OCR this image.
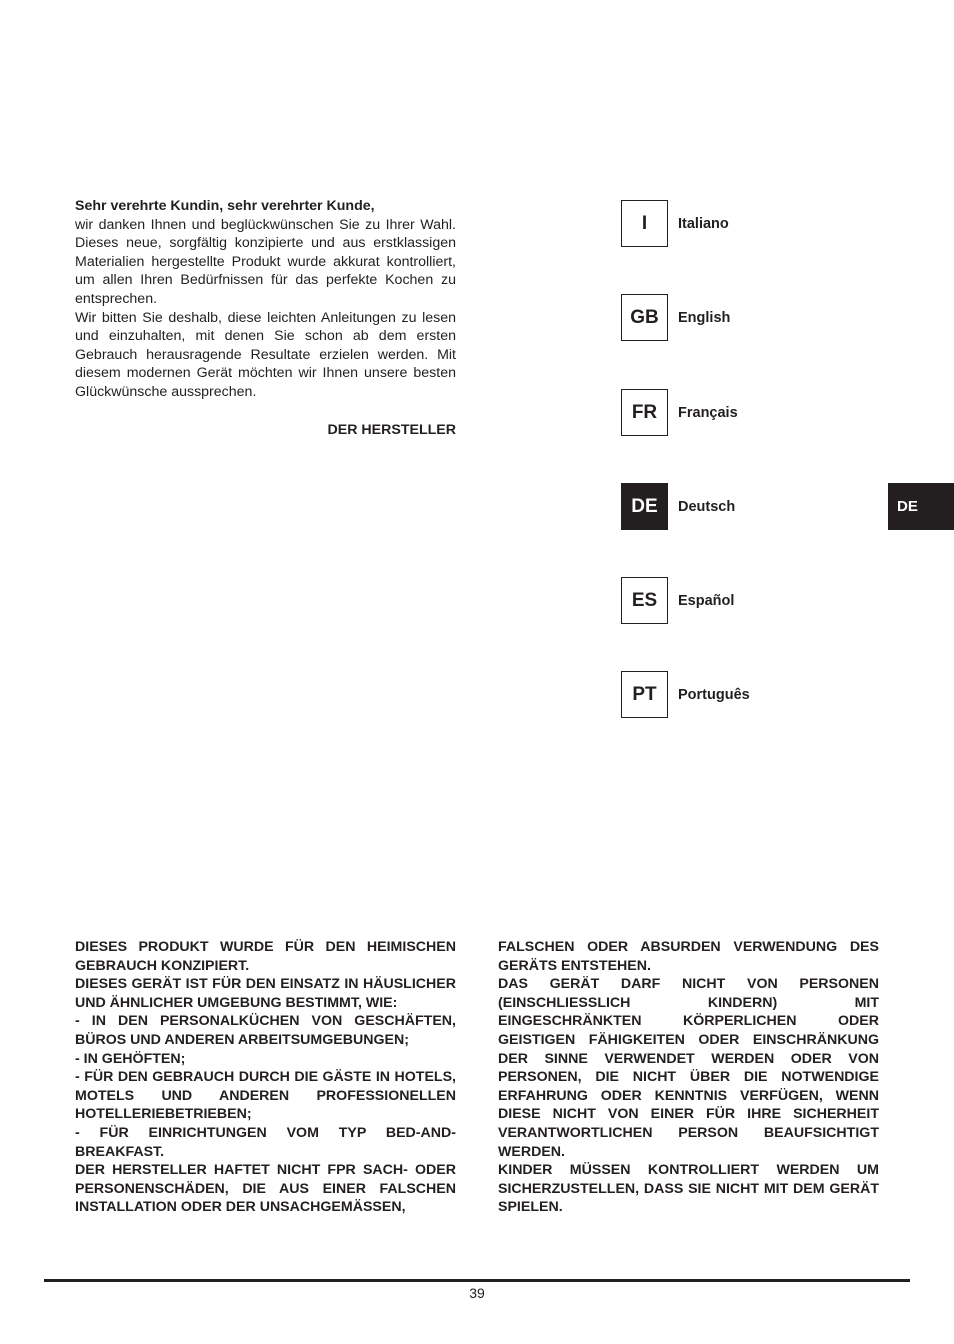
Sehr verehrte Kundin, sehr verehrter Kunde,

wir danken Ihnen und beglückwünschen Sie zu Ihrer Wahl. Dieses neue, sorgfältig konzipierte und aus erstklassigen Materialien hergestellte Produkt wurde akkurat kontrolliert, um allen Ihren Bedürfnissen für das perfekte Kochen zu entsprechen.

Wir bitten Sie deshalb, diese leichten Anleitungen zu lesen und einzuhalten, mit denen Sie schon ab dem ersten Gebrauch herausragende Resultate erzielen werden. Mit diesem modernen Gerät möchten wir Ihnen unsere besten Glückwünsche aussprechen.

DER HERSTELLER
I	Italiano
GB	English
FR	Français
DE	Deutsch
ES	Español
PT	Português
DE

DIESES PRODUKT WURDE FÜR DEN HEIMISCHEN GEBRAUCH KONZIPIERT.

DIESES GERÄT IST FÜR DEN EINSATZ IN HÄUSLICHER UND ÄHNLICHER UMGEBUNG BESTIMMT, WIE:

- IN DEN PERSONALKÜCHEN VON GESCHÄFTEN, BÜROS UND ANDEREN ARBEITSUMGEBUNGEN;

- IN GEHÖFTEN;

- FÜR DEN GEBRAUCH DURCH DIE GÄSTE IN HOTELS, MOTELS UND ANDEREN PROFESSIONELLEN HOTELLERIEBETRIEBEN;

- FÜR EINRICHTUNGEN VOM TYP BED-AND-BREAKFAST.

DER HERSTELLER HAFTET NICHT FPR SACH- ODER PERSONENSCHÄDEN, DIE AUS EINER FALSCHEN INSTALLATION ODER DER UNSACHGEMÄSSEN,

FALSCHEN ODER ABSURDEN VERWENDUNG DES GERÄTS ENTSTEHEN.

DAS GERÄT DARF NICHT VON PERSONEN (EINSCHLIESSLICH KINDERN) MIT EINGESCHRÄNKTEN KÖRPERLICHEN ODER GEISTIGEN FÄHIGKEITEN ODER EINSCHRÄNKUNG DER SINNE VERWENDET WERDEN ODER VON PERSONEN, DIE NICHT ÜBER DIE NOTWENDIGE ERFAHRUNG ODER KENNTNIS VERFÜGEN, WENN DIESE NICHT VON EINER FÜR IHRE SICHERHEIT VERANTWORTLICHEN PERSON BEAUFSICHTIGT WERDEN.

KINDER MÜSSEN KONTROLLIERT WERDEN UM SICHERZUSTELLEN, DASS SIE NICHT MIT DEM GERÄT SPIELEN.

39
